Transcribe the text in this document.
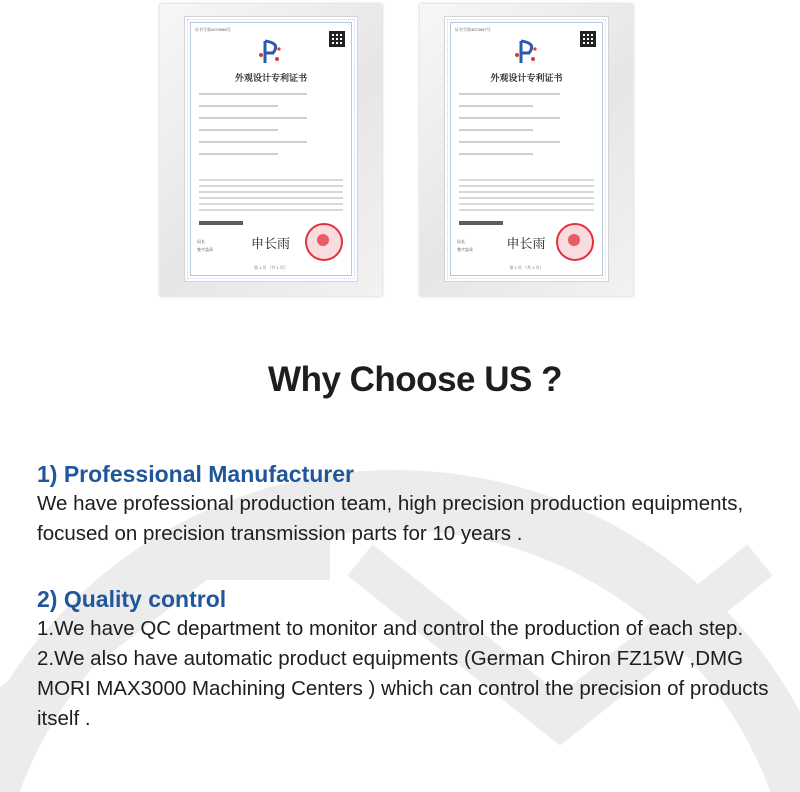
证书号第4973968号
外观设计专利证书
局长
签字盖章	申长雨
第 1 页 （共 1 页）
证书号第4973967号
外观设计专利证书
局长
签字盖章	申长雨
第 1 页 （共 1 页）
Why Choose US ?
1) Professional Manufacturer

We have professional production team, high precision production equipments, focused on precision transmission parts for 10 years .

2) Quality control

1.We have QC department to monitor and control the production of each step.

2.We also have automatic product equipments (German Chiron FZ15W ,DMG MORI MAX3000 Machining Centers ) which can control the precision of products itself .
